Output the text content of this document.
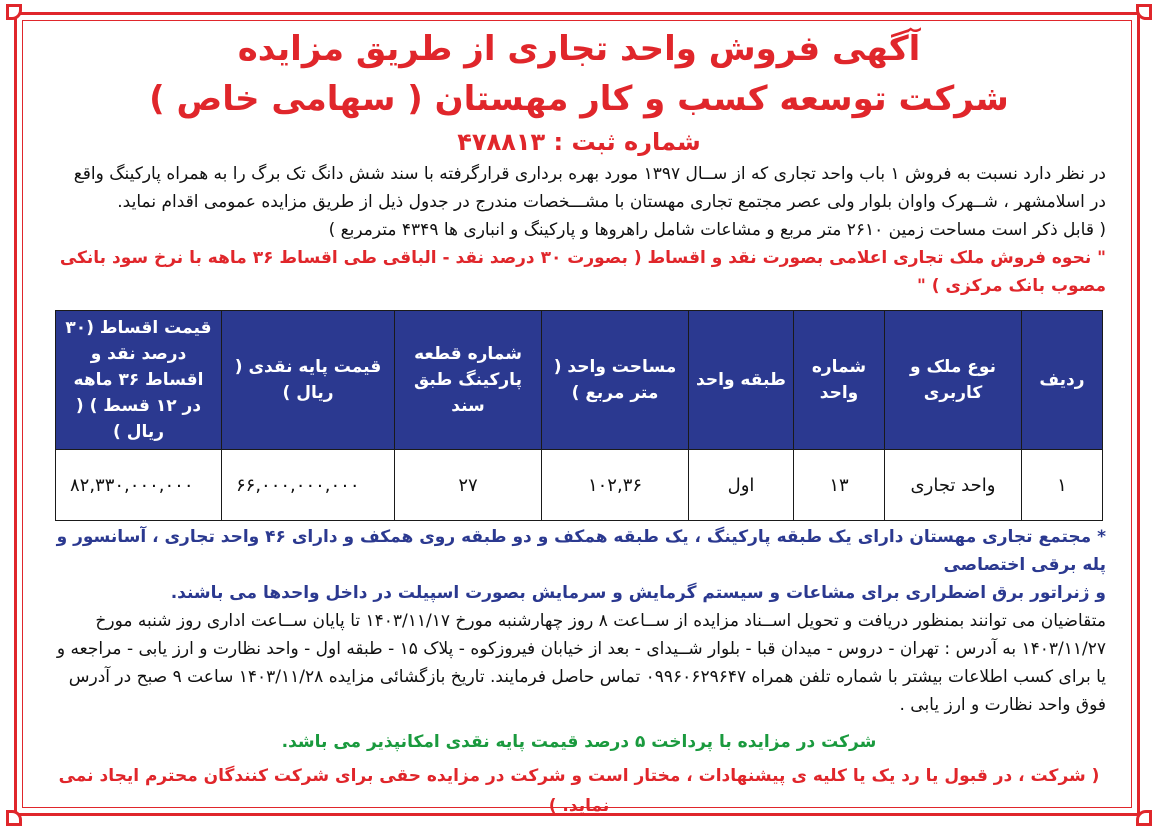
آگهی فروش واحد تجاری از طریق مزایده
شرکت توسعه کسب و کار مهستان ( سهامی خاص )

شماره ثبت : ۴۷۸۸۱۳

در نظر دارد نسبت به فروش ۱ باب واحد تجاری که از ســال ۱۳۹۷ مورد بهره برداری قرارگرفته با سند شش دانگ تک برگ را به همراه پارکینگ واقع

در اسلامشهر ، شــهرک واوان بلوار ولی عصر مجتمع تجاری مهستان با مشـــخصات مندرج در جدول ذیل از طریق مزایده عمومی اقدام نماید.

( قابل ذکر است مساحت زمین ۲۶۱۰ متر مربع و مشاعات شامل راهروها و پارکینگ و انباری ها ۴۳۴۹ مترمربع )

" نحوه فروش ملک تجاری اعلامی بصورت نقد و اقساط ( بصورت ۳۰ درصد نقد - الباقی طی اقساط ۳۶ ماهه با نرخ سود بانکی مصوب بانک مرکزی ) "

ردیف	نوع ملک و کاربری	شماره واحد	طبقه واحد	مساحت واحد ( متر مربع )	شماره قطعه پارکینگ طبق سند	قیمت پایه نقدی ( ریال )	قیمت اقساط (۳۰ درصد نقد و اقساط ۳۶ ماهه در ۱۲ قسط ) ( ریال )
۱	واحد تجاری	۱۳	اول	۱۰۲,۳۶	۲۷	۶۶,۰۰۰,۰۰۰,۰۰۰	۸۲,۳۳۰,۰۰۰,۰۰۰

* مجتمع تجاری مهستان دارای یک طبقه پارکینگ ، یک طبقه همکف و دو طبقه روی همکف و دارای ۴۶ واحد تجاری ، آسانسور و پله برقی اختصاصی

و ژنراتور برق اضطراری برای مشاعات و سیستم گرمایش و سرمایش بصورت اسپیلت در داخل واحدها می باشند.

متقاضیان می توانند بمنظور دریافت و تحویل اســناد مزایده از ســاعت ۸ روز چهارشنبه مورخ ۱۴۰۳/۱۱/۱۷ تا پایان ســاعت اداری روز شنبه مورخ

۱۴۰۳/۱۱/۲۷ به آدرس : تهران - دروس - میدان قبا - بلوار شــیدای - بعد از خیابان فیروزکوه - پلاک ۱۵ - طبقه اول - واحد نظارت و ارز یابی - مراجعه و

یا برای کسب اطلاعات بیشتر با شماره تلفن همراه ۰۹۹۶۰۶۲۹۶۴۷ تماس حاصل فرمایند. تاریخ بازگشائی مزایده ۱۴۰۳/۱۱/۲۸ ساعت ۹ صبح در آدرس

فوق واحد نظارت و ارز یابی .

شرکت در مزایده با پرداخت ۵ درصد قیمت پایه نقدی امکانپذیر می باشد.

( شرکت ، در قبول یا رد یک یا کلیه ی پیشنهادات ، مختار است و شرکت در مزایده حقی برای شرکت کنندگان محترم ایجاد نمی نماید. )
